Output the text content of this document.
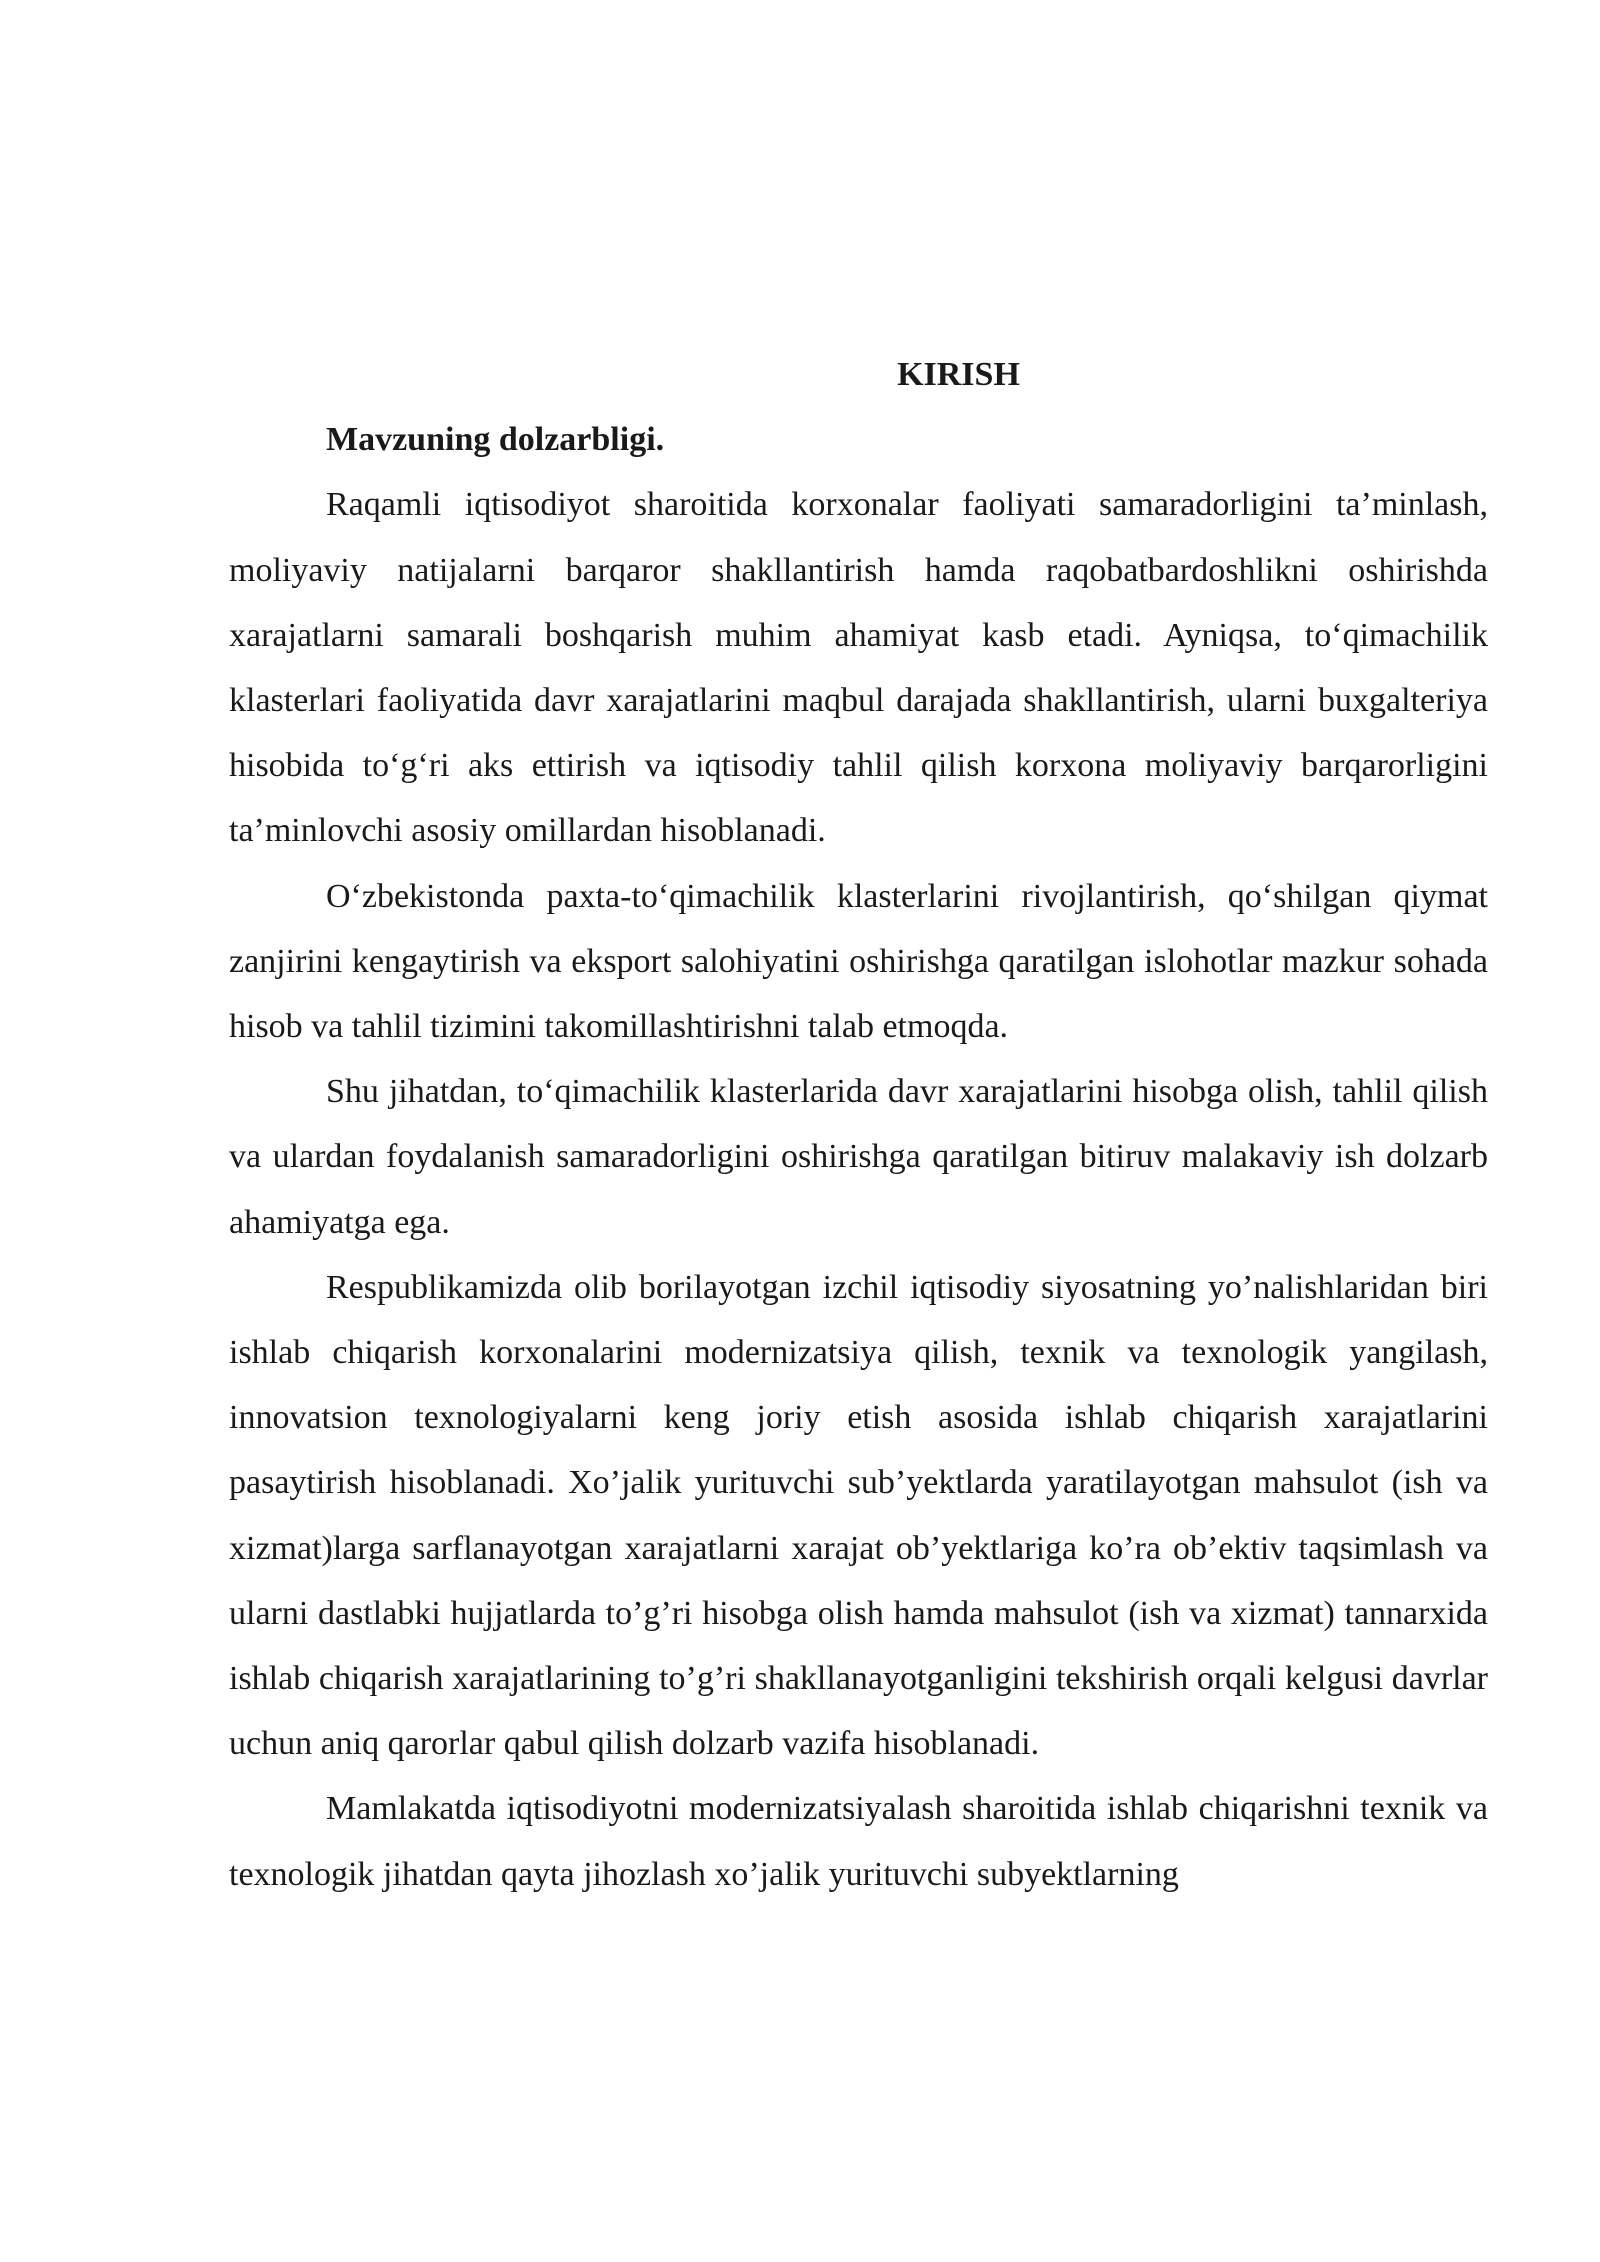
KIRISH

Mavzuning dolzarbligi.

Raqamli iqtisodiyot sharoitida korxonalar faoliyati samaradorligini ta’minlash, moliyaviy natijalarni barqaror shakllantirish hamda raqobatbardoshlikni oshirishda xarajatlarni samarali boshqarish muhim ahamiyat kasb etadi. Ayniqsa, to‘qimachilik klasterlari faoliyatida davr xarajatlarini maqbul darajada shakllantirish, ularni buxgalteriya hisobida to‘g‘ri aks ettirish va iqtisodiy tahlil qilish korxona moliyaviy barqarorligini ta’minlovchi asosiy omillardan hisoblanadi.

O‘zbekistonda paxta-to‘qimachilik klasterlarini rivojlantirish, qo‘shilgan qiymat zanjirini kengaytirish va eksport salohiyatini oshirishga qaratilgan islohotlar mazkur sohada hisob va tahlil tizimini takomillashtirishni talab etmoqda.

Shu jihatdan, to‘qimachilik klasterlarida davr xarajatlarini hisobga olish, tahlil qilish va ulardan foydalanish samaradorligini oshirishga qaratilgan bitiruv malakaviy ish dolzarb ahamiyatga ega.

Respublikamizda olib borilayotgan izchil iqtisodiy siyosatning yo’nalishlaridan biri ishlab chiqarish korxonalarini modernizatsiya qilish, texnik va texnologik yangilash, innovatsion texnologiyalarni keng joriy etish asosida ishlab chiqarish xarajatlarini pasaytirish hisoblanadi. Xo’jalik yurituvchi sub’yektlarda yaratilayotgan mahsulot (ish va xizmat)larga sarflanayotgan xarajatlarni xarajat ob’yektlariga ko’ra ob’ektiv taqsimlash va ularni dastlabki hujjatlarda to’g’ri hisobga olish hamda mahsulot (ish va xizmat) tannarxida ishlab chiqarish xarajatlarining to’g’ri shakllanayotganligini tekshirish orqali kelgusi davrlar uchun aniq qarorlar qabul qilish dolzarb vazifa hisoblanadi.

Mamlakatda iqtisodiyotni modernizatsiyalash sharoitida ishlab chiqarishni texnik va texnologik jihatdan qayta jihozlash xo’jalik yurituvchi subyektlarning
